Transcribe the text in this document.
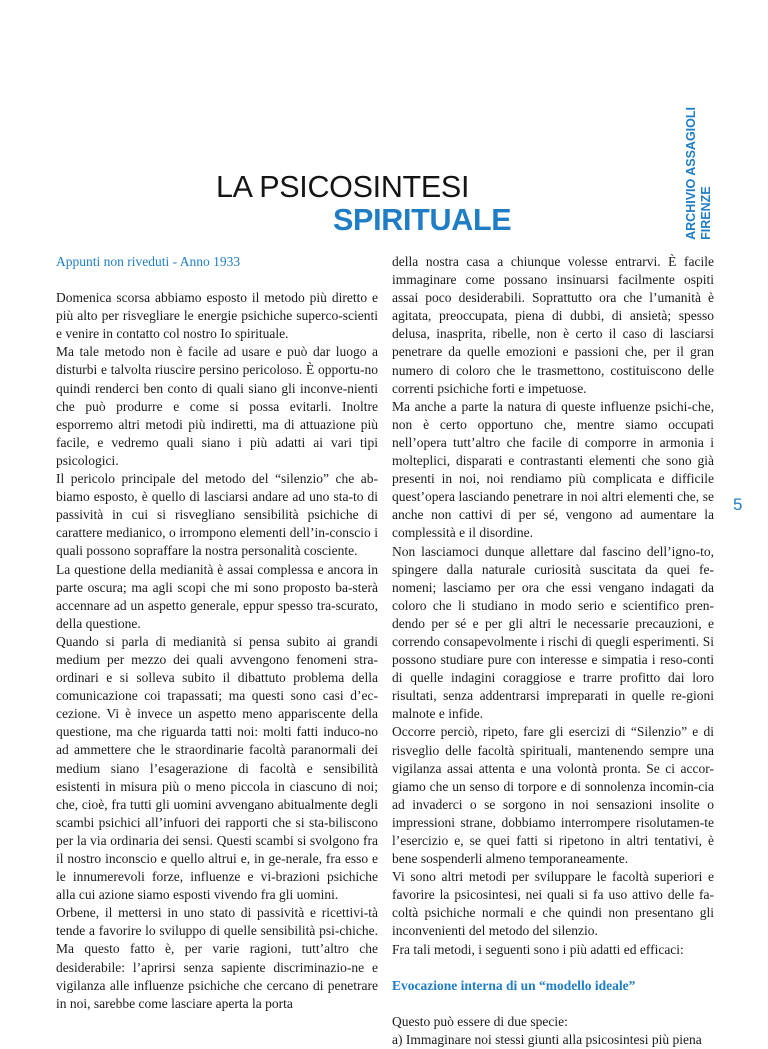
ARCHIVIO ASSAGIOLI FIRENZE
LA PSICOSINTESI
SPIRITUALE

Appunti non riveduti - Anno 1933

Domenica scorsa abbiamo esposto il metodo più diretto e più alto per risvegliare le energie psichiche superco-scienti e venire in contatto col nostro Io spirituale.

Ma tale metodo non è facile ad usare e può dar luogo a disturbi e talvolta riuscire persino pericoloso. È opportu-no quindi renderci ben conto di quali siano gli inconve-nienti che può produrre e come si possa evitarli. Inoltre esporremo altri metodi più indiretti, ma di attuazione più facile, e vedremo quali siano i più adatti ai vari tipi psicologici.

Il pericolo principale del metodo del “silenzio” che ab-biamo esposto, è quello di lasciarsi andare ad uno sta-to di passività in cui si risvegliano sensibilità psichiche di carattere medianico, o irrompono elementi dell’in-conscio i quali possono sopraffare la nostra personalità cosciente.

La questione della medianità è assai complessa e ancora in parte oscura; ma agli scopi che mi sono proposto ba-sterà accennare ad un aspetto generale, eppur spesso tra-scurato, della questione.

Quando si parla di medianità si pensa subito ai grandi medium per mezzo dei quali avvengono fenomeni stra-ordinari e si solleva subito il dibattuto problema della comunicazione coi trapassati; ma questi sono casi d’ec-cezione. Vi è invece un aspetto meno appariscente della questione, ma che riguarda tatti noi: molti fatti induco-no ad ammettere che le straordinarie facoltà paranormali dei medium siano l’esagerazione di facoltà e sensibilità esistenti in misura più o meno piccola in ciascuno di noi; che, cioè, fra tutti gli uomini avvengano abitualmente degli scambi psichici all’infuori dei rapporti che si sta-biliscono per la via ordinaria dei sensi. Questi scambi si svolgono fra il nostro inconscio e quello altrui e, in ge-nerale, fra esso e le innumerevoli forze, influenze e vi-brazioni psichiche alla cui azione siamo esposti vivendo fra gli uomini.

Orbene, il mettersi in uno stato di passività e ricettivi-tà tende a favorire lo sviluppo di quelle sensibilità psi-chiche. Ma questo fatto è, per varie ragioni, tutt’altro che desiderabile: l’aprirsi senza sapiente discriminazio-ne e vigilanza alle influenze psichiche che cercano di penetrare in noi, sarebbe come lasciare aperta la porta

della nostra casa a chiunque volesse entrarvi. È facile immaginare come possano insinuarsi facilmente ospiti assai poco desiderabili. Soprattutto ora che l’umanità è agitata, preoccupata, piena di dubbi, di ansietà; spesso delusa, inasprita, ribelle, non è certo il caso di lasciarsi penetrare da quelle emozioni e passioni che, per il gran numero di coloro che le trasmettono, costituiscono delle correnti psichiche forti e impetuose.

Ma anche a parte la natura di queste influenze psichi-che, non è certo opportuno che, mentre siamo occupati nell’opera tutt’altro che facile di comporre in armonia i molteplici, disparati e contrastanti elementi che sono già presenti in noi, noi rendiamo più complicata e difficile quest’opera lasciando penetrare in noi altri elementi che, se anche non cattivi di per sé, vengono ad aumentare la complessità e il disordine.

Non lasciamoci dunque allettare dal fascino dell’igno-to, spingere dalla naturale curiosità suscitata da quei fe-nomeni; lasciamo per ora che essi vengano indagati da coloro che li studiano in modo serio e scientifico pren-dendo per sé e per gli altri le necessarie precauzioni, e correndo consapevolmente i rischi di quegli esperimenti. Si possono studiare pure con interesse e simpatia i reso-conti di quelle indagini coraggiose e trarre profitto dai loro risultati, senza addentrarsi impreparati in quelle re-gioni malnote e infide.

Occorre perciò, ripeto, fare gli esercizi di “Silenzio” e di risveglio delle facoltà spirituali, mantenendo sempre una vigilanza assai attenta e una volontà pronta. Se ci accor-giamo che un senso di torpore e di sonnolenza incomin-cia ad invaderci o se sorgono in noi sensazioni insolite o impressioni strane, dobbiamo interrompere risolutamen-te l’esercizio e, se quei fatti si ripetono in altri tentativi, è bene sospenderli almeno temporaneamente.

Vi sono altri metodi per sviluppare le facoltà superiori e favorire la psicosintesi, nei quali si fa uso attivo delle fa-coltà psichiche normali e che quindi non presentano gli inconvenienti del metodo del silenzio.

Fra tali metodi, i seguenti sono i più adatti ed efficaci:

Evocazione interna di un “modello ideale”

Questo può essere di due specie:

a) Immaginare noi stessi giunti alla psicosintesi più piena

5
